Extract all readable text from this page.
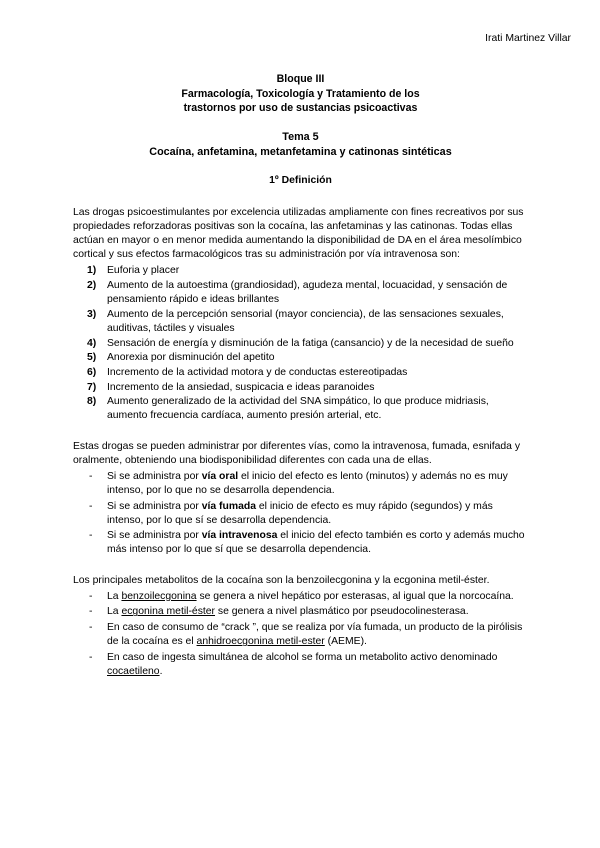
Irati Martinez Villar
Bloque III
Farmacología, Toxicología y Tratamiento de los
trastornos por uso de sustancias psicoactivas
Tema 5
Cocaína, anfetamina, metanfetamina y catinonas sintéticas
1º Definición

Las drogas psicoestimulantes por excelencia utilizadas ampliamente con fines recreativos por sus propiedades reforzadoras positivas son la cocaína, las anfetaminas y las catinonas. Todas ellas actúan en mayor o en menor medida aumentando la disponibilidad de DA en el área mesolímbico cortical y sus efectos farmacológicos tras su administración por vía intravenosa son:

1) Euforia y placer
2) Aumento de la autoestima (grandiosidad), agudeza mental, locuacidad, y sensación de pensamiento rápido e ideas brillantes
3) Aumento de la percepción sensorial (mayor conciencia), de las sensaciones sexuales, auditivas, táctiles y visuales
4) Sensación de energía y disminución de la fatiga (cansancio) y de la necesidad de sueño
5) Anorexia por disminución del apetito
6) Incremento de la actividad motora y de conductas estereotipadas
7) Incremento de la ansiedad, suspicacia e ideas paranoides
8) Aumento generalizado de la actividad del SNA simpático, lo que produce midriasis, aumento frecuencia cardíaca, aumento presión arterial, etc.

Estas drogas se pueden administrar por diferentes vías, como la intravenosa, fumada, esnifada y oralmente, obteniendo una biodisponibilidad diferentes con cada una de ellas.

- Si se administra por vía oral el inicio del efecto es lento (minutos) y además no es muy intenso, por lo que no se desarrolla dependencia.
- Si se administra por vía fumada el inicio de efecto es muy rápido (segundos) y más intenso, por lo que sí se desarrolla dependencia.
- Si se administra por vía intravenosa el inicio del efecto también es corto y además mucho más intenso por lo que sí que se desarrolla dependencia.

Los principales metabolitos de la cocaína son la benzoilecgonina y la ecgonina metil-éster.

- La benzoilecgonina se genera a nivel hepático por esterasas, al igual que la norcocaína.
- La ecgonina metil-éster se genera a nivel plasmático por pseudocolinesterasa.
- En caso de consumo de “crack ”, que se realiza por vía fumada, un producto de la pirólisis de la cocaína es el anhidroecgonina metil-ester (AEME).
- En caso de ingesta simultánea de alcohol se forma un metabolito activo denominado cocaetileno.
